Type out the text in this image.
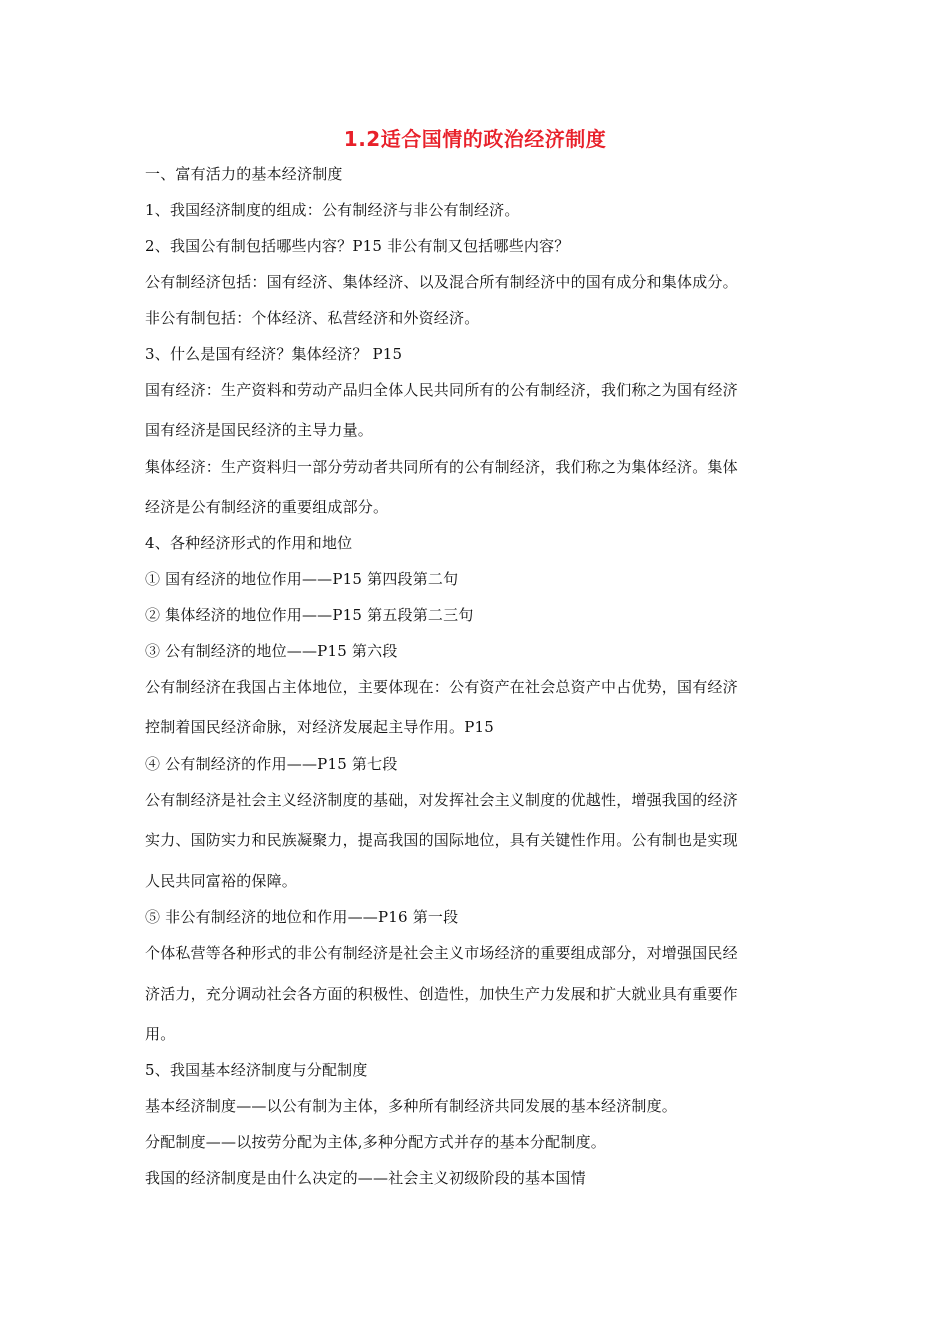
1.2适合国情的政治经济制度
一、富有活力的基本经济制度
1、我国经济制度的组成：公有制经济与非公有制经济。
2、我国公有制包括哪些内容？P15 非公有制又包括哪些内容？
公有制经济包括：国有经济、集体经济、以及混合所有制经济中的国有成分和集体成分。
非公有制包括：个体经济、私营经济和外资经济。
3、什么是国有经济？集体经济？ P15
国有经济：生产资料和劳动产品归全体人民共同所有的公有制经济，我们称之为国有经济
国有经济是国民经济的主导力量。
集体经济：生产资料归一部分劳动者共同所有的公有制经济，我们称之为集体经济。集体
经济是公有制经济的重要组成部分。
4、各种经济形式的作用和地位
① 国有经济的地位作用——P15 第四段第二句
② 集体经济的地位作用——P15 第五段第二三句
③ 公有制经济的地位——P15 第六段
公有制经济在我国占主体地位，主要体现在：公有资产在社会总资产中占优势，国有经济
控制着国民经济命脉，对经济发展起主导作用。P15
④ 公有制经济的作用——P15 第七段
公有制经济是社会主义经济制度的基础，对发挥社会主义制度的优越性，增强我国的经济
实力、国防实力和民族凝聚力，提高我国的国际地位，具有关键性作用。公有制也是实现
人民共同富裕的保障。
⑤ 非公有制经济的地位和作用——P16 第一段
个体私营等各种形式的非公有制经济是社会主义市场经济的重要组成部分，对增强国民经
济活力，充分调动社会各方面的积极性、创造性，加快生产力发展和扩大就业具有重要作
用。
5、我国基本经济制度与分配制度
基本经济制度——以公有制为主体，多种所有制经济共同发展的基本经济制度。
分配制度——以按劳分配为主体,多种分配方式并存的基本分配制度。
我国的经济制度是由什么决定的——社会主义初级阶段的基本国情
